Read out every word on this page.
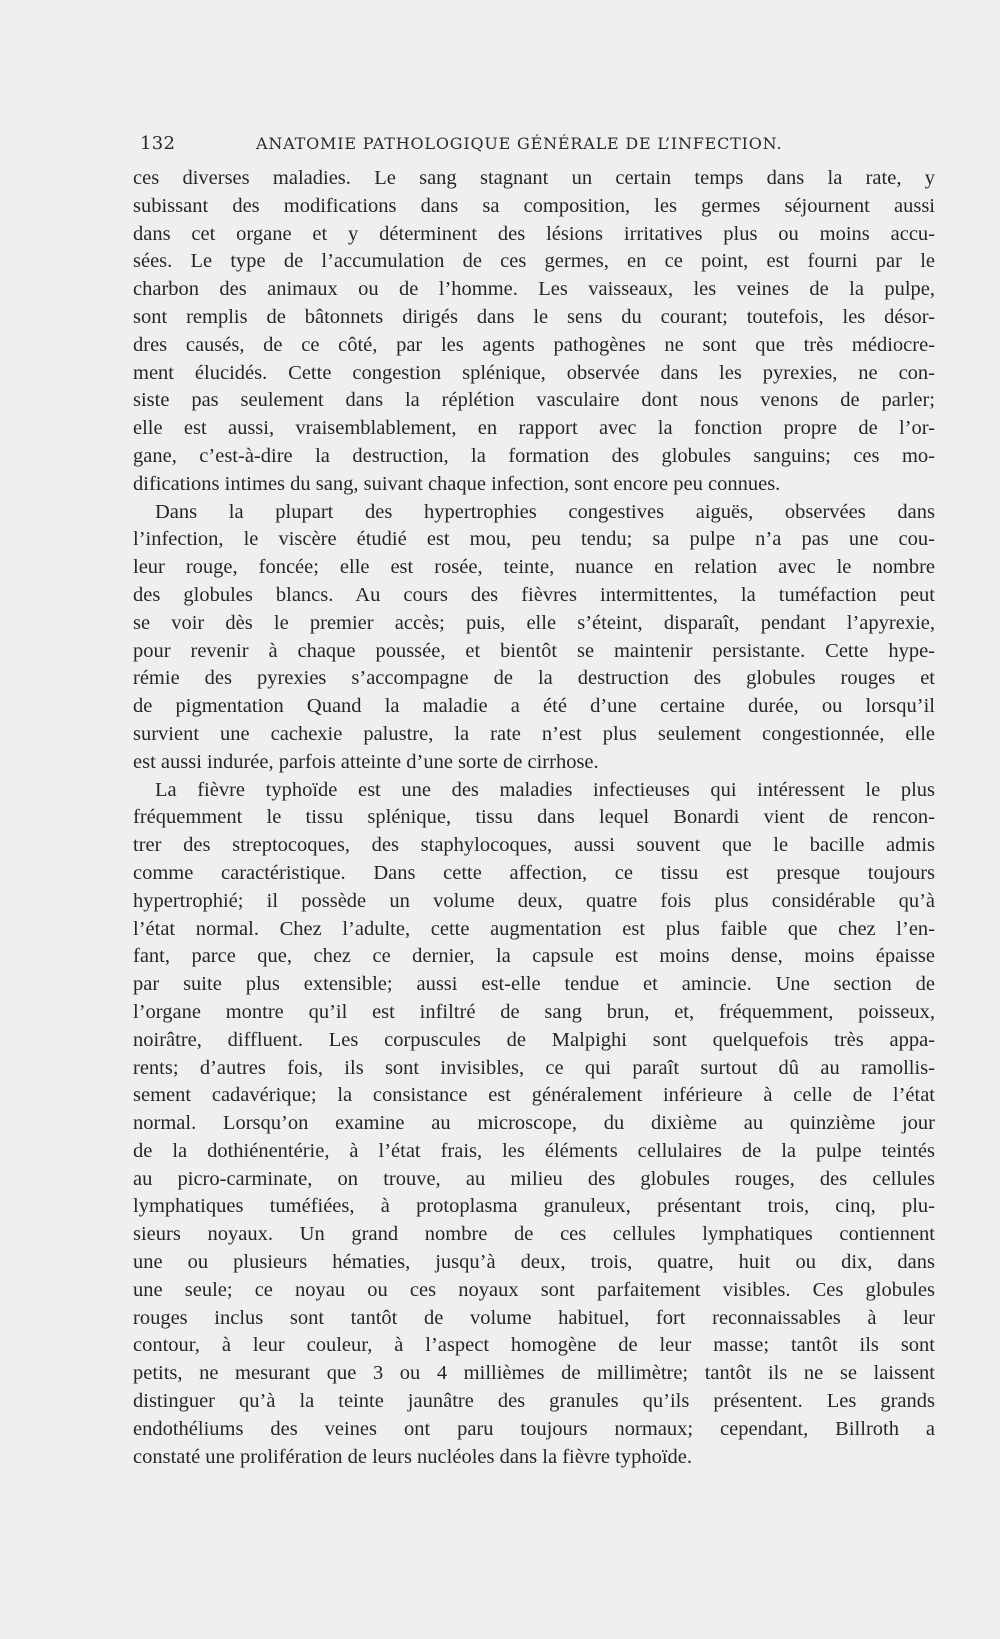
132	ANATOMIE PATHOLOGIQUE GÉNÉRALE DE L’INFECTION.
ces diverses maladies. Le sang stagnant un certain temps dans la rate, y
subissant des modifications dans sa composition, les germes séjournent aussi
dans cet organe et y déterminent des lésions irritatives plus ou moins accu-
sées. Le type de l’accumulation de ces germes, en ce point, est fourni par le
charbon des animaux ou de l’homme. Les vaisseaux, les veines de la pulpe,
sont remplis de bâtonnets dirigés dans le sens du courant; toutefois, les désor-
dres causés, de ce côté, par les agents pathogènes ne sont que très médiocre-
ment élucidés. Cette congestion splénique, observée dans les pyrexies, ne con-
siste pas seulement dans la réplétion vasculaire dont nous venons de parler;
elle est aussi, vraisemblablement, en rapport avec la fonction propre de l’or-
gane, c’est-à-dire la destruction, la formation des globules sanguins; ces mo-
difications intimes du sang, suivant chaque infection, sont encore peu connues.
Dans la plupart des hypertrophies congestives aiguës, observées dans
l’infection, le viscère étudié est mou, peu tendu; sa pulpe n’a pas une cou-
leur rouge, foncée; elle est rosée, teinte, nuance en relation avec le nombre
des globules blancs. Au cours des fièvres intermittentes, la tuméfaction peut
se voir dès le premier accès; puis, elle s’éteint, disparaît, pendant l’apyrexie,
pour revenir à chaque poussée, et bientôt se maintenir persistante. Cette hype-
rémie des pyrexies s’accompagne de la destruction des globules rouges et
de pigmentation Quand la maladie a été d’une certaine durée, ou lorsqu’il
survient une cachexie palustre, la rate n’est plus seulement congestionnée, elle
est aussi indurée, parfois atteinte d’une sorte de cirrhose.
La fièvre typhoïde est une des maladies infectieuses qui intéressent le plus
fréquemment le tissu splénique, tissu dans lequel Bonardi vient de rencon-
trer des streptocoques, des staphylocoques, aussi souvent que le bacille admis
comme caractéristique. Dans cette affection, ce tissu est presque toujours
hypertrophié; il possède un volume deux, quatre fois plus considérable qu’à
l’état normal. Chez l’adulte, cette augmentation est plus faible que chez l’en-
fant, parce que, chez ce dernier, la capsule est moins dense, moins épaisse
par suite plus extensible; aussi est-elle tendue et amincie. Une section de
l’organe montre qu’il est infiltré de sang brun, et, fréquemment, poisseux,
noirâtre, diffluent. Les corpuscules de Malpighi sont quelquefois très appa-
rents; d’autres fois, ils sont invisibles, ce qui paraît surtout dû au ramollis-
sement cadavérique; la consistance est généralement inférieure à celle de l’état
normal. Lorsqu’on examine au microscope, du dixième au quinzième jour
de la dothiénentérie, à l’état frais, les éléments cellulaires de la pulpe teintés
au picro-carminate, on trouve, au milieu des globules rouges, des cellules
lymphatiques tuméfiées, à protoplasma granuleux, présentant trois, cinq, plu-
sieurs noyaux. Un grand nombre de ces cellules lymphatiques contiennent
une ou plusieurs hématies, jusqu’à deux, trois, quatre, huit ou dix, dans
une seule; ce noyau ou ces noyaux sont parfaitement visibles. Ces globules
rouges inclus sont tantôt de volume habituel, fort reconnaissables à leur
contour, à leur couleur, à l’aspect homogène de leur masse; tantôt ils sont
petits, ne mesurant que 3 ou 4 millièmes de millimètre; tantôt ils ne se laissent
distinguer qu’à la teinte jaunâtre des granules qu’ils présentent. Les grands
endothéliums des veines ont paru toujours normaux; cependant, Billroth a
constaté une prolifération de leurs nucléoles dans la fièvre typhoïde.
